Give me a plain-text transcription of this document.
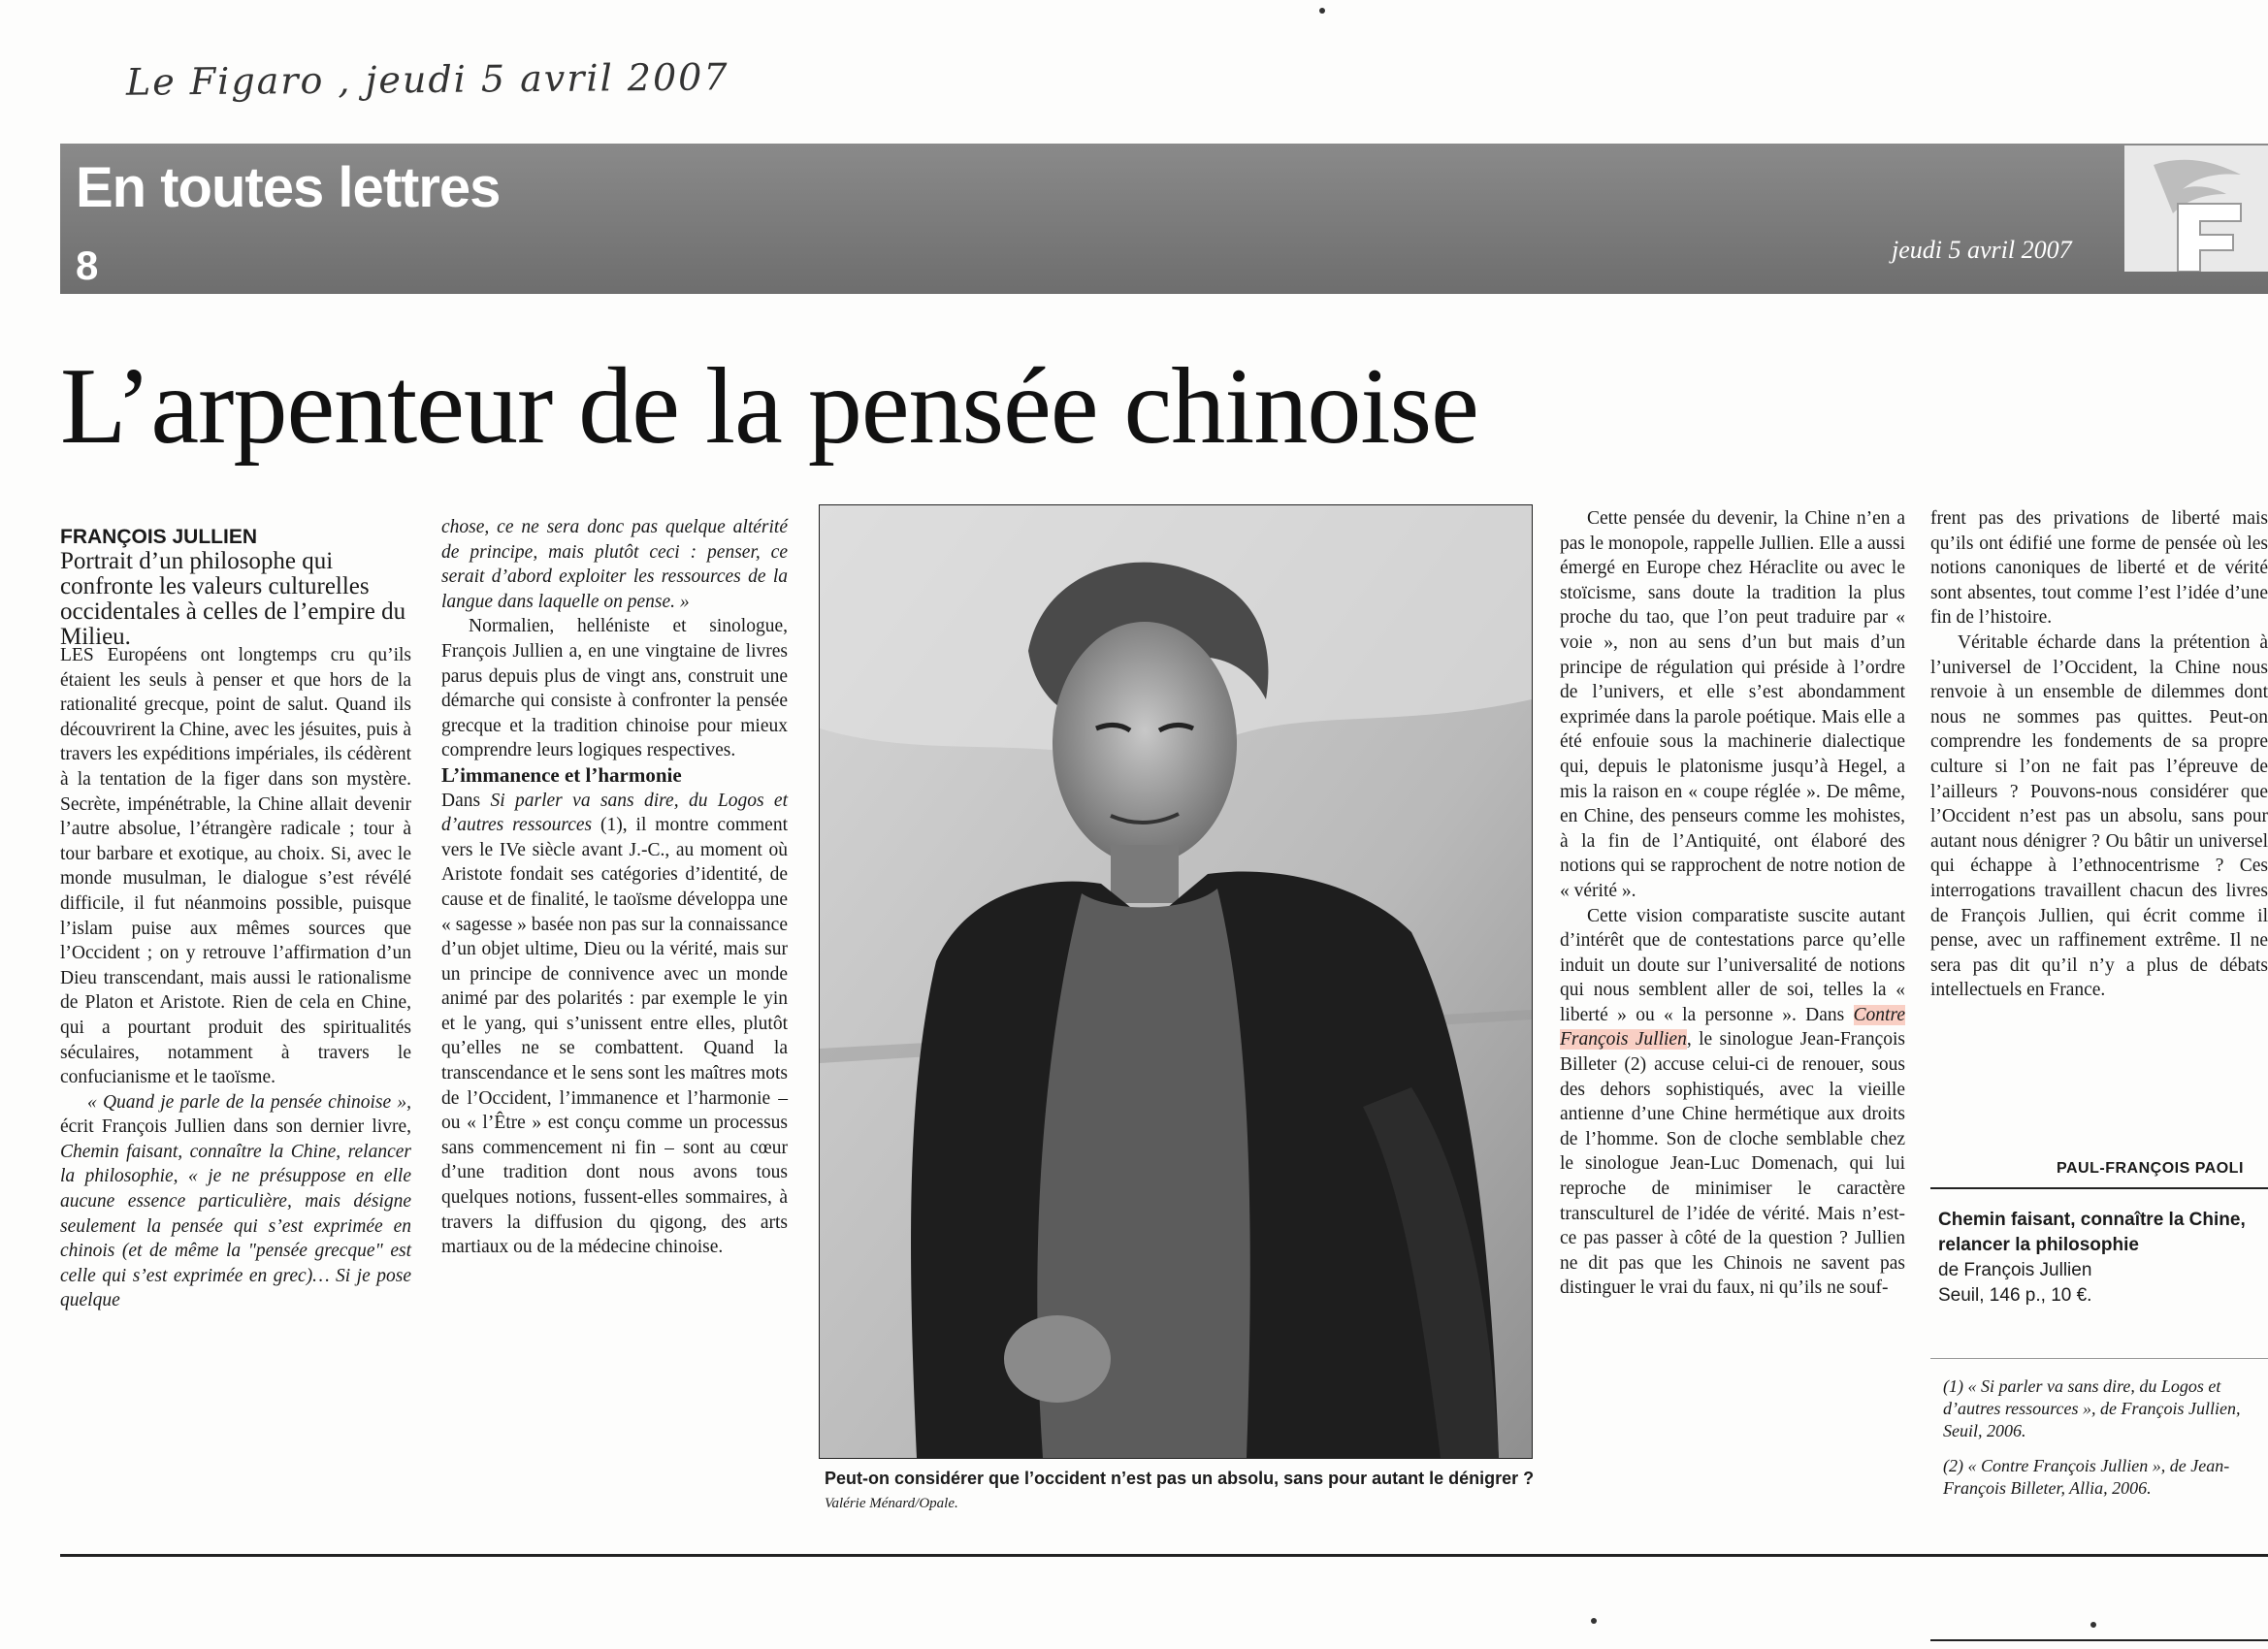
Le Figaro , jeudi 5 avril 2007
En toutes lettres
8	jeudi 5 avril 2007
L’arpenteur de la pensée chinoise
FRANÇOIS JULLIEN
Portrait d’un philosophe qui confronte les valeurs culturelles occidentales à celles de l’empire du Milieu.

LES Européens ont longtemps cru qu’ils étaient les seuls à penser et que hors de la rationalité grecque, point de salut. Quand ils découvrirent la Chine, avec les jésuites, puis à travers les expéditions impériales, ils cédèrent à la tentation de la figer dans son mystère. Secrète, impénétrable, la Chine allait devenir l’autre absolue, l’étrangère radicale ; tour à tour barbare et exotique, au choix. Si, avec le monde musulman, le dialogue s’est révélé difficile, il fut néanmoins possible, puisque l’islam puise aux mêmes sources que l’Occident ; on y retrouve l’affirmation d’un Dieu transcendant, mais aussi le rationalisme de Platon et Aristote. Rien de cela en Chine, qui a pourtant produit des spiritualités séculaires, notamment à travers le confucianisme et le taoïsme.

« Quand je parle de la pensée chinoise », écrit François Jullien dans son dernier livre, Chemin faisant, connaître la Chine, relancer la philosophie, « je ne présuppose en elle aucune essence particulière, mais désigne seulement la pensée qui s’est exprimée en chinois (et de même la "pensée grecque" est celle qui s’est exprimée en grec)… Si je pose quelque

chose, ce ne sera donc pas quelque altérité de principe, mais plutôt ceci : penser, ce serait d’abord exploiter les ressources de la langue dans laquelle on pense. »

Normalien, helléniste et sinologue, François Jullien a, en une vingtaine de livres parus depuis plus de vingt ans, construit une démarche qui consiste à confronter la pensée grecque et la tradition chinoise pour mieux comprendre leurs logiques respectives.

L’immanence et l’harmonie

Dans Si parler va sans dire, du Logos et d’autres ressources (1), il montre comment vers le IVe siècle avant J.-C., au moment où Aristote fondait ses catégories d’identité, de cause et de finalité, le taoïsme développa une « sagesse » basée non pas sur la connaissance d’un objet ultime, Dieu ou la vérité, mais sur un principe de connivence avec un monde animé par des polarités : par exemple le yin et le yang, qui s’unissent entre elles, plutôt qu’elles ne se combattent. Quand la transcendance et le sens sont les maîtres mots de l’Occident, l’immanence et l’harmonie – ou « l’Être » est conçu comme un processus sans commencement ni fin – sont au cœur d’une tradition dont nous avons tous quelques notions, fussent-elles sommaires, à travers la diffusion du qigong, des arts martiaux ou de la médecine chinoise.

Peut-on considérer que l’occident n’est pas un absolu, sans pour autant le dénigrer ? Valérie Ménard/Opale.

Cette pensée du devenir, la Chine n’en a pas le monopole, rappelle Jullien. Elle a aussi émergé en Europe chez Héraclite ou avec le stoïcisme, sans doute la tradition la plus proche du tao, que l’on peut traduire par « voie », non au sens d’un but mais d’un principe de régulation qui préside à l’ordre de l’univers, et elle s’est abondamment exprimée dans la parole poétique. Mais elle a été enfouie sous la machinerie dialectique qui, depuis le platonisme jusqu’à Hegel, a mis la raison en « coupe réglée ». De même, en Chine, des penseurs comme les mohistes, à la fin de l’Antiquité, ont élaboré des notions qui se rapprochent de notre notion de « vérité ».

Cette vision comparatiste suscite autant d’intérêt que de contestations parce qu’elle induit un doute sur l’universalité de notions qui nous semblent aller de soi, telles la « liberté » ou « la personne ». Dans Contre François Jullien, le sinologue Jean-François Billeter (2) accuse celui-ci de renouer, sous des dehors sophistiqués, avec la vieille antienne d’une Chine hermétique aux droits de l’homme. Son de cloche semblable chez le sinologue Jean-Luc Domenach, qui lui reproche de minimiser le caractère transculturel de l’idée de vérité. Mais n’est-ce pas passer à côté de la question ? Jullien ne dit pas que les Chinois ne savent pas distinguer le vrai du faux, ni qu’ils ne souf-

frent pas des privations de liberté mais qu’ils ont édifié une forme de pensée où les notions canoniques de liberté et de vérité sont absentes, tout comme l’est l’idée d’une fin de l’histoire.

Véritable écharde dans la prétention à l’universel de l’Occident, la Chine nous renvoie à un ensemble de dilemmes dont nous ne sommes pas quittes. Peut-on comprendre les fondements de sa propre culture si l’on ne fait pas l’épreuve de l’ailleurs ? Pouvons-nous considérer que l’Occident n’est pas un absolu, sans pour autant nous dénigrer ? Ou bâtir un universel qui échappe à l’ethnocentrisme ? Ces interrogations travaillent chacun des livres de François Jullien, qui écrit comme il pense, avec un raffinement extrême. Il ne sera pas dit qu’il n’y a plus de débats intellectuels en France.

PAUL-FRANÇOIS PAOLI
Chemin faisant, connaître la Chine, relancer la philosophie
de François Jullien
Seuil, 146 p., 10 €.
(1) « Si parler va sans dire, du Logos et d’autres ressources », de François Jullien, Seuil, 2006.
(2) « Contre François Jullien », de Jean-François Billeter, Allia, 2006.
